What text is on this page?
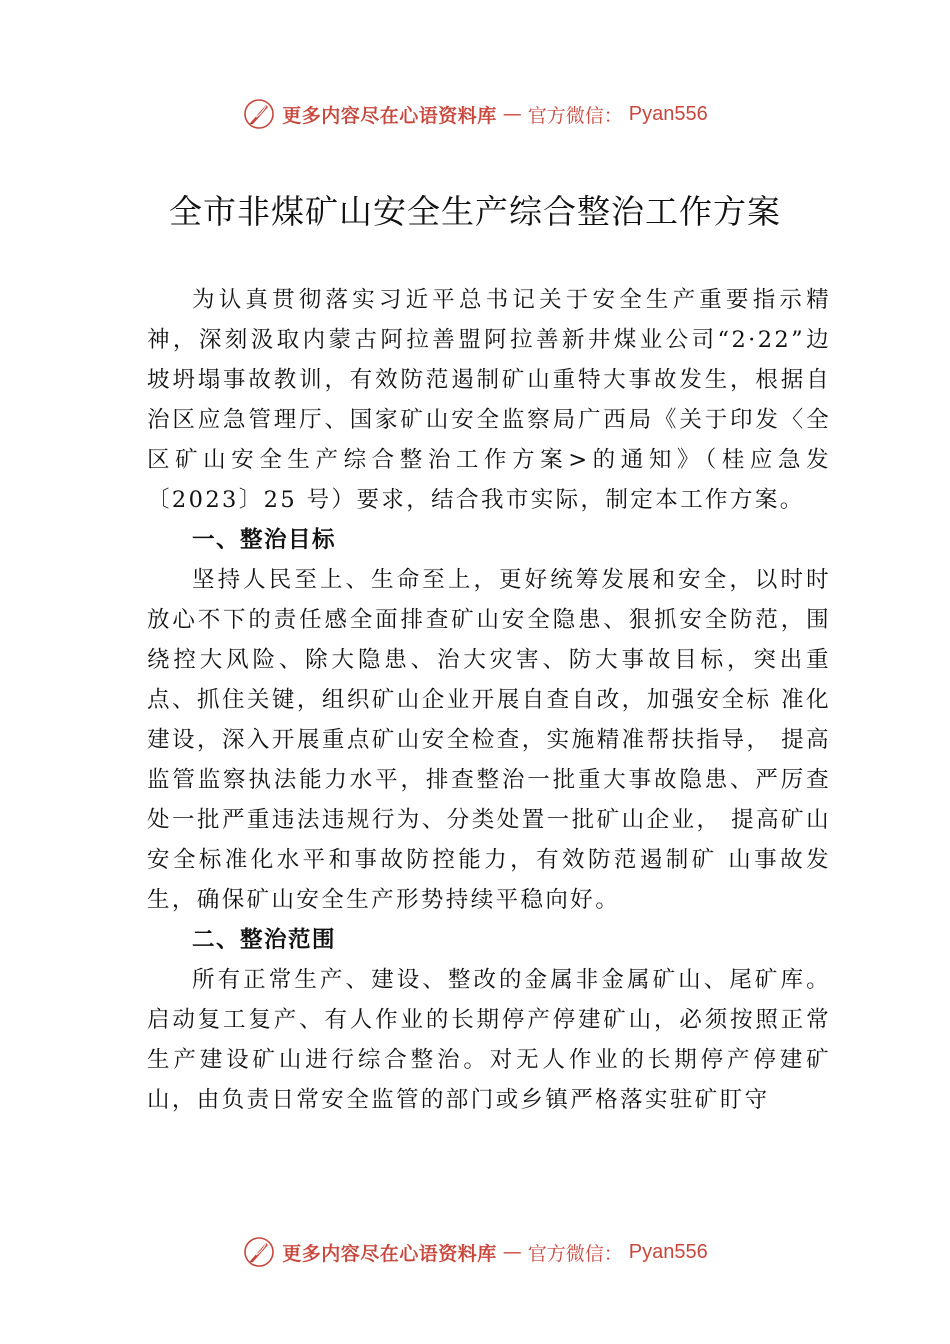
更多内容尽在心语资料库 — 官方微信： Pyan556
全市非煤矿山安全生产综合整治工作方案

为认真贯彻落实习近平总书记关于安全生产重要指示精神，深刻汲取内蒙古阿拉善盟阿拉善新井煤业公司“2·22”边坡坍塌事故教训，有效防范遏制矿山重特大事故发生，根据自治区应急管理厅、国家矿山安全监察局广西局《关于印发〈全区矿山安全生产综合整治工作方案>的通知》（桂应急发〔2023〕25 号）要求，结合我市实际，制定本工作方案。

一、整治目标

坚持人民至上、生命至上，更好统筹发展和安全，以时时放心不下的责任感全面排查矿山安全隐患、狠抓安全防范，围绕控大风险、除大隐患、治大灾害、防大事故目标，突出重点、抓住关键，组织矿山企业开展自查自改，加强安全标 准化建设，深入开展重点矿山安全检查，实施精准帮扶指导， 提高监管监察执法能力水平，排查整治一批重大事故隐患、严厉查处一批严重违法违规行为、分类处置一批矿山企业， 提高矿山安全标准化水平和事故防控能力，有效防范遏制矿 山事故发生，确保矿山安全生产形势持续平稳向好。

二、整治范围

所有正常生产、建设、整改的金属非金属矿山、尾矿库。启动复工复产、有人作业的长期停产停建矿山，必须按照正常生产建设矿山进行综合整治。对无人作业的长期停产停建矿山，由负责日常安全监管的部门或乡镇严格落实驻矿盯守

更多内容尽在心语资料库 — 官方微信： Pyan556
